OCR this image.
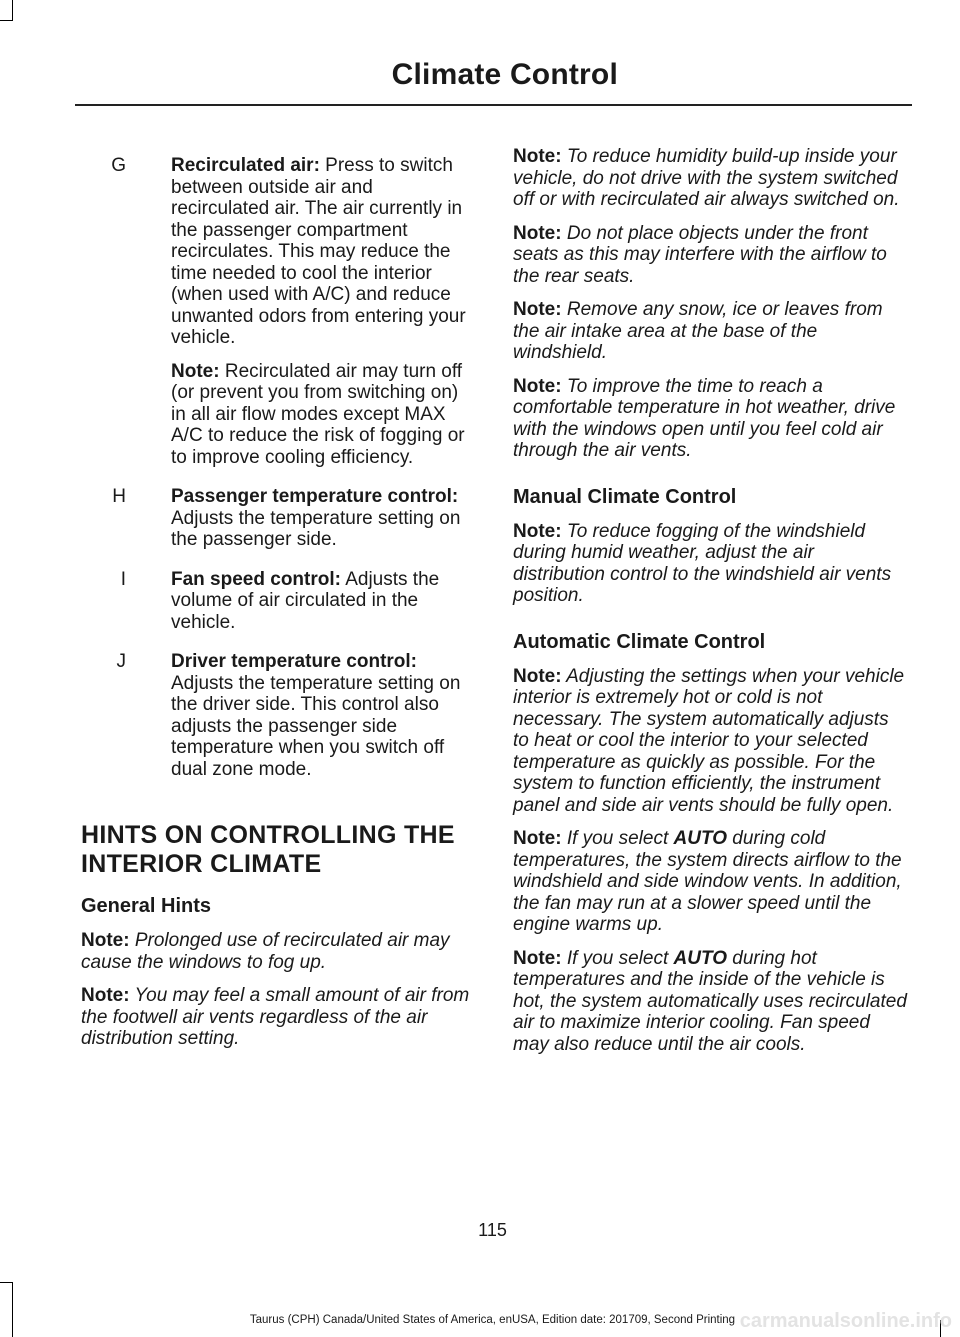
Climate Control
G Recirculated air: Press to switch between outside air and recirculated air. The air currently in the passenger compartment recirculates. This may reduce the time needed to cool the interior (when used with A/C) and reduce unwanted odors from entering your vehicle.

Note: Recirculated air may turn off (or prevent you from switching on) in all air flow modes except MAX A/C to reduce the risk of fogging or to improve cooling efficiency.

H Passenger temperature control: Adjusts the temperature setting on the passenger side.

I Fan speed control: Adjusts the volume of air circulated in the vehicle.

J Driver temperature control: Adjusts the temperature setting on the driver side. This control also adjusts the passenger side temperature when you switch off dual zone mode.

HINTS ON CONTROLLING THE
INTERIOR CLIMATE
General Hints

Note: Prolonged use of recirculated air may cause the windows to fog up.

Note: You may feel a small amount of air from the footwell air vents regardless of the air distribution setting.

Note: To reduce humidity build-up inside your vehicle, do not drive with the system switched off or with recirculated air always switched on.

Note: Do not place objects under the front seats as this may interfere with the airflow to the rear seats.

Note: Remove any snow, ice or leaves from the air intake area at the base of the windshield.

Note: To improve the time to reach a comfortable temperature in hot weather, drive with the windows open until you feel cold air through the air vents.

Manual Climate Control

Note: To reduce fogging of the windshield during humid weather, adjust the air distribution control to the windshield air vents position.

Automatic Climate Control

Note: Adjusting the settings when your vehicle interior is extremely hot or cold is not necessary. The system automatically adjusts to heat or cool the interior to your selected temperature as quickly as possible. For the system to function efficiently, the instrument panel and side air vents should be fully open.

Note: If you select AUTO during cold temperatures, the system directs airflow to the windshield and side window vents. In addition, the fan may run at a slower speed until the engine warms up.

Note: If you select AUTO during hot temperatures and the inside of the vehicle is hot, the system automatically uses recirculated air to maximize interior cooling. Fan speed may also reduce until the air cools.

115
Taurus (CPH) Canada/United States of America, enUSA, Edition date: 201709, Second Printing carmanualsonline.info
